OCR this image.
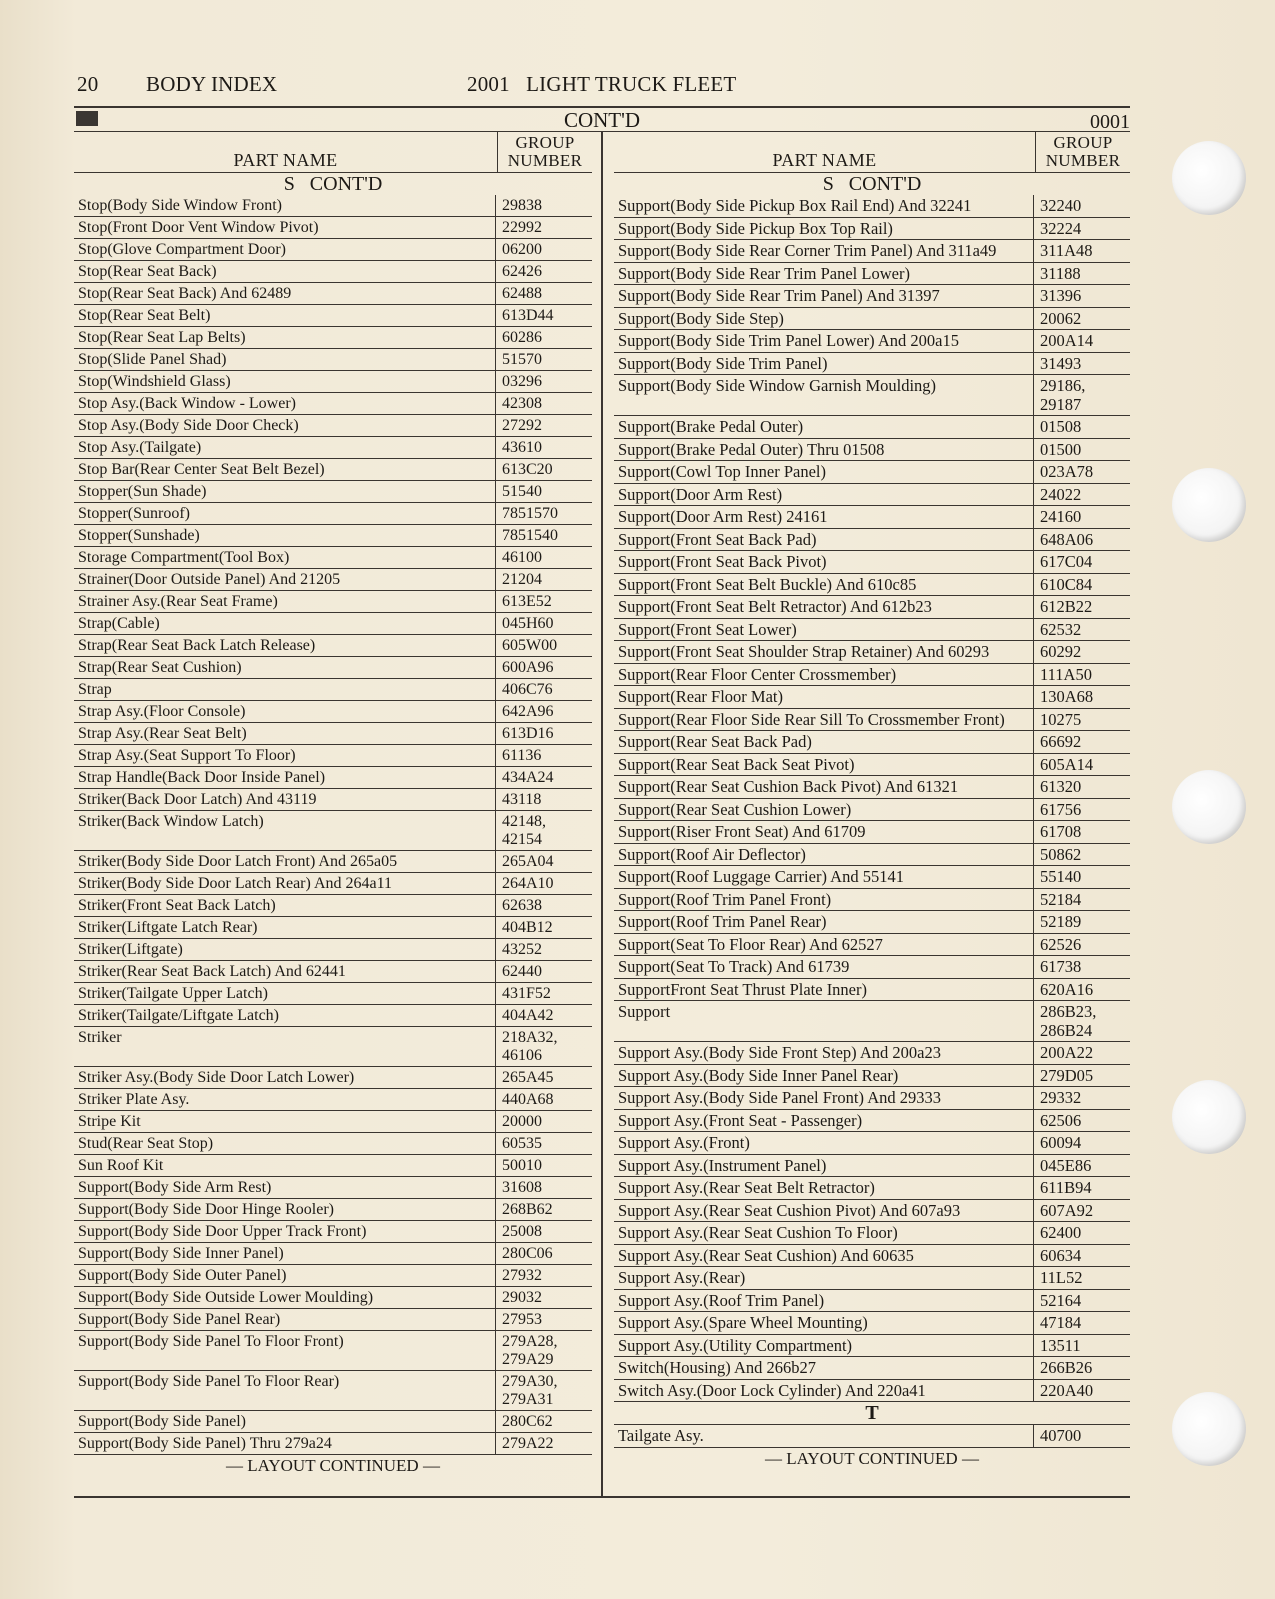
20 BODY INDEX	2001   LIGHT TRUCK FLEET
CONT'D	0001
PART NAME
GROUP NUMBER
S   CONT'D
Stop(Body Side Window Front)	29838
Stop(Front Door Vent Window Pivot)	22992
Stop(Glove Compartment Door)	06200
Stop(Rear Seat Back)	62426
Stop(Rear Seat Back) And 62489	62488
Stop(Rear Seat Belt)	613D44
Stop(Rear Seat Lap Belts)	60286
Stop(Slide Panel Shad)	51570
Stop(Windshield Glass)	03296
Stop Asy.(Back Window - Lower)	42308
Stop Asy.(Body Side Door Check)	27292
Stop Asy.(Tailgate)	43610
Stop Bar(Rear Center Seat Belt Bezel)	613C20
Stopper(Sun Shade)	51540
Stopper(Sunroof)	7851570
Stopper(Sunshade)	7851540
Storage Compartment(Tool Box)	46100
Strainer(Door Outside Panel) And 21205	21204
Strainer Asy.(Rear Seat Frame)	613E52
Strap(Cable)	045H60
Strap(Rear Seat Back Latch Release)	605W00
Strap(Rear Seat Cushion)	600A96
Strap	406C76
Strap Asy.(Floor Console)	642A96
Strap Asy.(Rear Seat Belt)	613D16
Strap Asy.(Seat Support To Floor)	61136
Strap Handle(Back Door Inside Panel)	434A24
Striker(Back Door Latch) And 43119	43118
Striker(Back Window Latch)	42148,
42154
Striker(Body Side Door Latch Front) And 265a05	265A04
Striker(Body Side Door Latch Rear) And 264a11	264A10
Striker(Front Seat Back Latch)	62638
Striker(Liftgate Latch Rear)	404B12
Striker(Liftgate)	43252
Striker(Rear Seat Back Latch) And 62441	62440
Striker(Tailgate Upper Latch)	431F52
Striker(Tailgate/Liftgate Latch)	404A42
Striker	218A32,
46106
Striker Asy.(Body Side Door Latch Lower)	265A45
Striker Plate Asy.	440A68
Stripe Kit	20000
Stud(Rear Seat Stop)	60535
Sun Roof Kit	50010
Support(Body Side Arm Rest)	31608
Support(Body Side Door Hinge Rooler)	268B62
Support(Body Side Door Upper Track Front)	25008
Support(Body Side Inner Panel)	280C06
Support(Body Side Outer Panel)	27932
Support(Body Side Outside Lower Moulding)	29032
Support(Body Side Panel Rear)	27953
Support(Body Side Panel To Floor Front)	279A28,
279A29
Support(Body Side Panel To Floor Rear)	279A30,
279A31
Support(Body Side Panel)	280C62
Support(Body Side Panel) Thru 279a24	279A22
— LAYOUT CONTINUED —
PART NAME
GROUP NUMBER
S   CONT'D
Support(Body Side Pickup Box Rail End) And 32241	32240
Support(Body Side Pickup Box Top Rail)	32224
Support(Body Side Rear Corner Trim Panel) And 311a49	311A48
Support(Body Side Rear Trim Panel Lower)	31188
Support(Body Side Rear Trim Panel) And 31397	31396
Support(Body Side Step)	20062
Support(Body Side Trim Panel Lower) And 200a15	200A14
Support(Body Side Trim Panel)	31493
Support(Body Side Window Garnish Moulding)	29186,
29187
Support(Brake Pedal Outer)	01508
Support(Brake Pedal Outer) Thru 01508	01500
Support(Cowl Top Inner Panel)	023A78
Support(Door Arm Rest)	24022
Support(Door Arm Rest) 24161	24160
Support(Front Seat Back Pad)	648A06
Support(Front Seat Back Pivot)	617C04
Support(Front Seat Belt Buckle) And 610c85	610C84
Support(Front Seat Belt Retractor) And 612b23	612B22
Support(Front Seat Lower)	62532
Support(Front Seat Shoulder Strap Retainer) And 60293	60292
Support(Rear Floor Center Crossmember)	111A50
Support(Rear Floor Mat)	130A68
Support(Rear Floor Side Rear Sill To Crossmember Front)	10275
Support(Rear Seat Back Pad)	66692
Support(Rear Seat Back Seat Pivot)	605A14
Support(Rear Seat Cushion Back Pivot) And 61321	61320
Support(Rear Seat Cushion Lower)	61756
Support(Riser Front Seat) And 61709	61708
Support(Roof Air Deflector)	50862
Support(Roof Luggage Carrier) And 55141	55140
Support(Roof Trim Panel Front)	52184
Support(Roof Trim Panel Rear)	52189
Support(Seat To Floor Rear) And 62527	62526
Support(Seat To Track) And 61739	61738
SupportFront Seat Thrust Plate Inner)	620A16
Support	286B23,
286B24
Support Asy.(Body Side Front Step) And 200a23	200A22
Support Asy.(Body Side Inner Panel Rear)	279D05
Support Asy.(Body Side Panel Front) And 29333	29332
Support Asy.(Front Seat - Passenger)	62506
Support Asy.(Front)	60094
Support Asy.(Instrument Panel)	045E86
Support Asy.(Rear Seat Belt Retractor)	611B94
Support Asy.(Rear Seat Cushion Pivot) And 607a93	607A92
Support Asy.(Rear Seat Cushion To Floor)	62400
Support Asy.(Rear Seat Cushion) And 60635	60634
Support Asy.(Rear)	11L52
Support Asy.(Roof Trim Panel)	52164
Support Asy.(Spare Wheel Mounting)	47184
Support Asy.(Utility Compartment)	13511
Switch(Housing) And 266b27	266B26
Switch Asy.(Door Lock Cylinder) And 220a41	220A40
T
Tailgate Asy.	40700
— LAYOUT CONTINUED —
